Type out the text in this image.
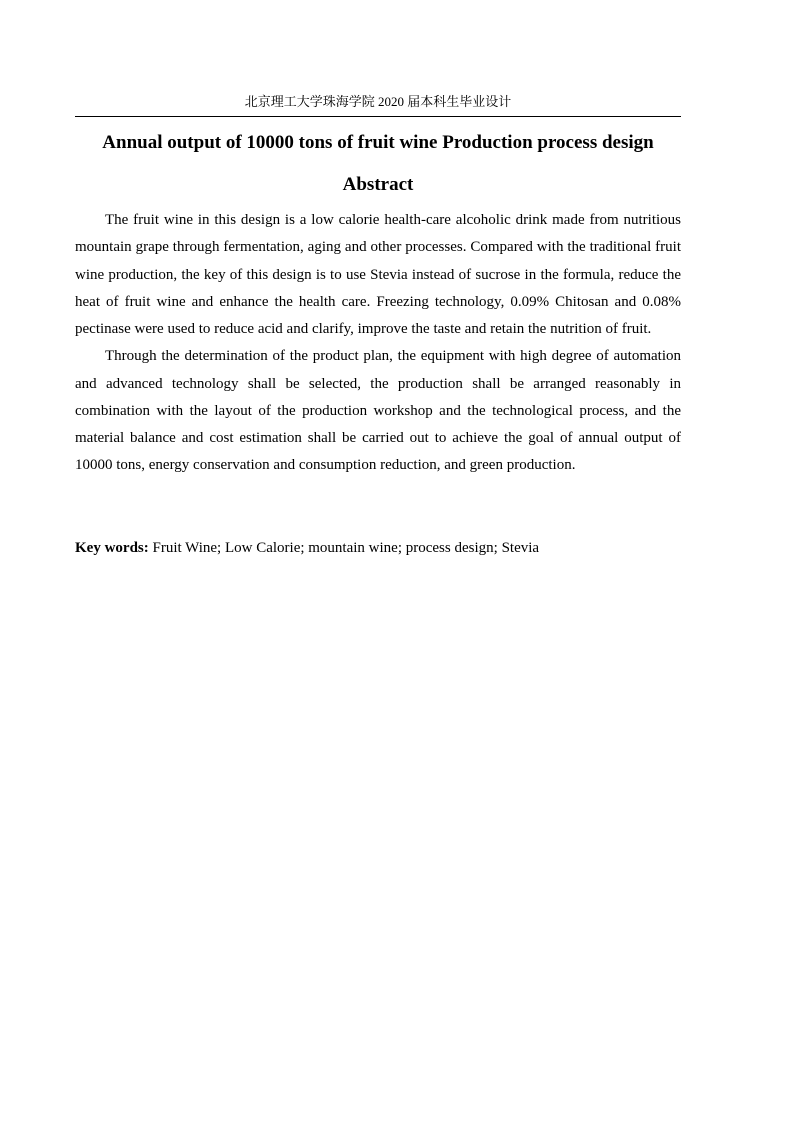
北京理工大学珠海学院 2020 届本科生毕业设计
Annual output of 10000 tons of fruit wine Production process design
Abstract

The fruit wine in this design is a low calorie health-care alcoholic drink made from nutritious mountain grape through fermentation, aging and other processes. Compared with the traditional fruit wine production, the key of this design is to use Stevia instead of sucrose in the formula, reduce the heat of fruit wine and enhance the health care. Freezing technology, 0.09% Chitosan and 0.08% pectinase were used to reduce acid and clarify, improve the taste and retain the nutrition of fruit.

Through the determination of the product plan, the equipment with high degree of automation and advanced technology shall be selected, the production shall be arranged reasonably in combination with the layout of the production workshop and the technological process, and the material balance and cost estimation shall be carried out to achieve the goal of annual output of 10000 tons, energy conservation and consumption reduction, and green production.

Key words: Fruit Wine; Low Calorie; mountain wine; process design; Stevia
